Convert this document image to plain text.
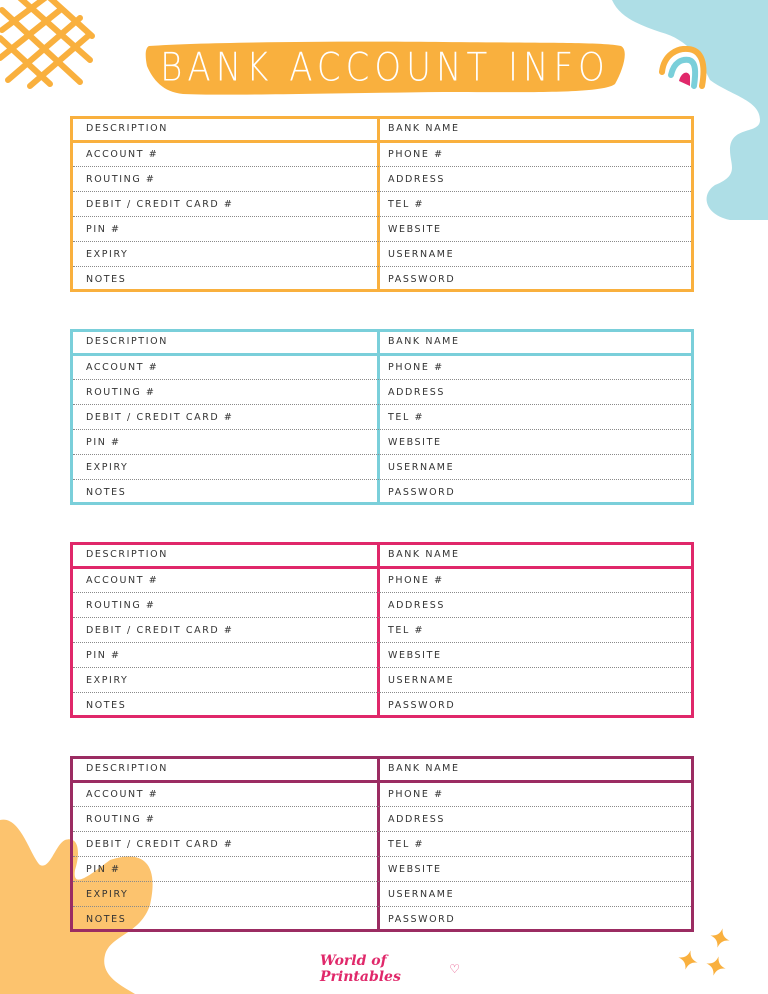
BANK ACCOUNT INFO
DESCRIPTION	BANK NAME
ACCOUNT #	PHONE #
ROUTING #	ADDRESS
DEBIT / CREDIT CARD #	TEL #
PIN #	WEBSITE
EXPIRY	USERNAME
NOTES	PASSWORD
DESCRIPTION	BANK NAME
ACCOUNT #	PHONE #
ROUTING #	ADDRESS
DEBIT / CREDIT CARD #	TEL #
PIN #	WEBSITE
EXPIRY	USERNAME
NOTES	PASSWORD
DESCRIPTION	BANK NAME
ACCOUNT #	PHONE #
ROUTING #	ADDRESS
DEBIT / CREDIT CARD #	TEL #
PIN #	WEBSITE
EXPIRY	USERNAME
NOTES	PASSWORD
DESCRIPTION	BANK NAME
ACCOUNT #	PHONE #
ROUTING #	ADDRESS
DEBIT / CREDIT CARD #	TEL #
PIN #	WEBSITE
EXPIRY	USERNAME
NOTES	PASSWORD
World of Printables	♡
